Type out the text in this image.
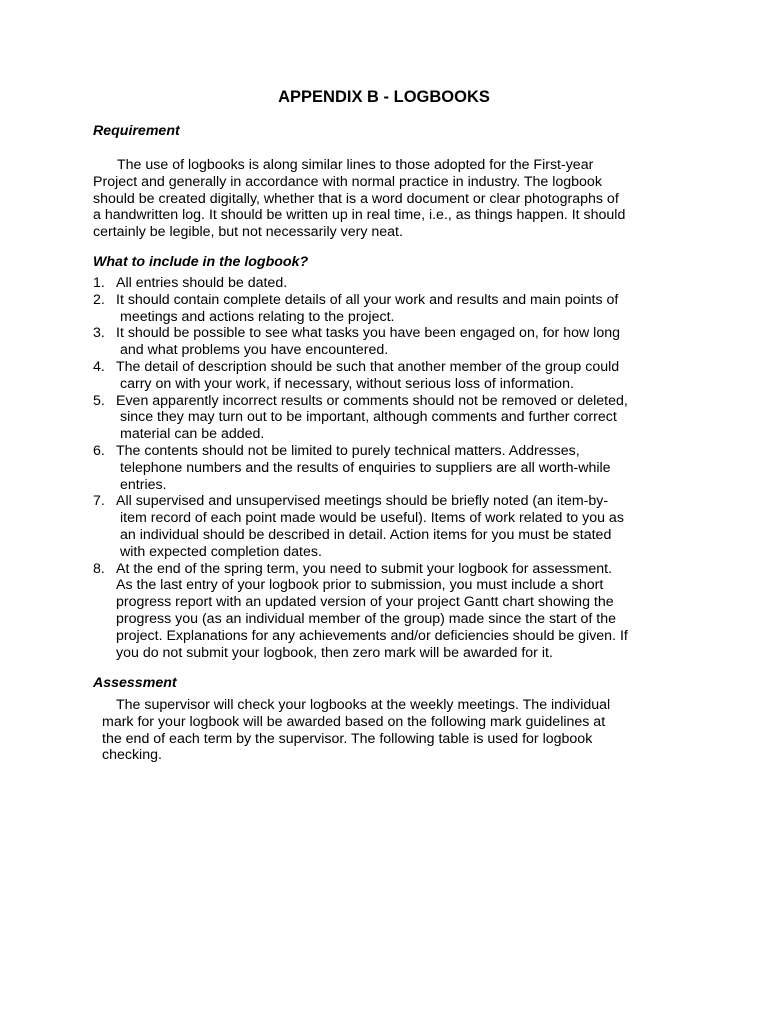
APPENDIX B - LOGBOOKS
Requirement
The use of logbooks is along similar lines to those adopted for the First-year
Project and generally in accordance with normal practice in industry. The logbook
should be created digitally, whether that is a word document or clear photographs of
a handwritten log. It should be written up in real time, i.e., as things happen. It should
certainly be legible, but not necessarily very neat.
What to include in the logbook?
1. All entries should be dated.
2. It should contain complete details of all your work and results and main points of
meetings and actions relating to the project.
3. It should be possible to see what tasks you have been engaged on, for how long
and what problems you have encountered.
4. The detail of description should be such that another member of the group could
carry on with your work, if necessary, without serious loss of information.
5. Even apparently incorrect results or comments should not be removed or deleted,
since they may turn out to be important, although comments and further correct
material can be added.
6. The contents should not be limited to purely technical matters. Addresses,
telephone numbers and the results of enquiries to suppliers are all worth-while
entries.
7. All supervised and unsupervised meetings should be briefly noted (an item-by-
item record of each point made would be useful). Items of work related to you as
an individual should be described in detail. Action items for you must be stated
with expected completion dates.
8. At the end of the spring term, you need to submit your logbook for assessment.
As the last entry of your logbook prior to submission, you must include a short
progress report with an updated version of your project Gantt chart showing the
progress you (as an individual member of the group) made since the start of the
project. Explanations for any achievements and/or deficiencies should be given. If
you do not submit your logbook, then zero mark will be awarded for it.
Assessment
The supervisor will check your logbooks at the weekly meetings. The individual
mark for your logbook will be awarded based on the following mark guidelines at
the end of each term by the supervisor. The following table is used for logbook
checking.
